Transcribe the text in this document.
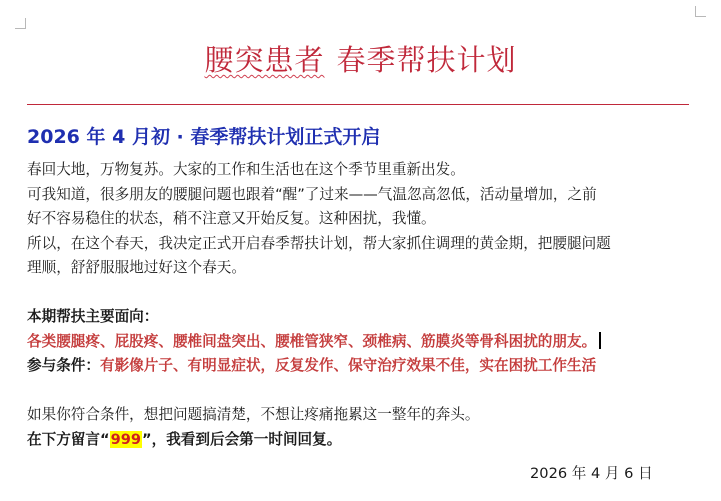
腰突患者 春季帮扶计划
2026 年 4 月初 · 春季帮扶计划正式开启

春回大地，万物复苏。大家的工作和生活也在这个季节里重新出发。

可我知道，很多朋友的腰腿问题也跟着“醒”了过来——气温忽高忽低，活动量增加，之前

好不容易稳住的状态，稍不注意又开始反复。这种困扰，我懂。

所以，在这个春天，我决定正式开启春季帮扶计划，帮大家抓住调理的黄金期，把腰腿问题

理顺，舒舒服服地过好这个春天。

本期帮扶主要面向：

各类腰腿疼、屁股疼、腰椎间盘突出、腰椎管狭窄、颈椎病、筋膜炎等骨科困扰的朋友。

参与条件：有影像片子、有明显症状，反复发作、保守治疗效果不佳，实在困扰工作生活

如果你符合条件，想把问题搞清楚，不想让疼痛拖累这一整年的奔头。

在下方留言“999”，我看到后会第一时间回复。

2026 年 4 月 6 日
